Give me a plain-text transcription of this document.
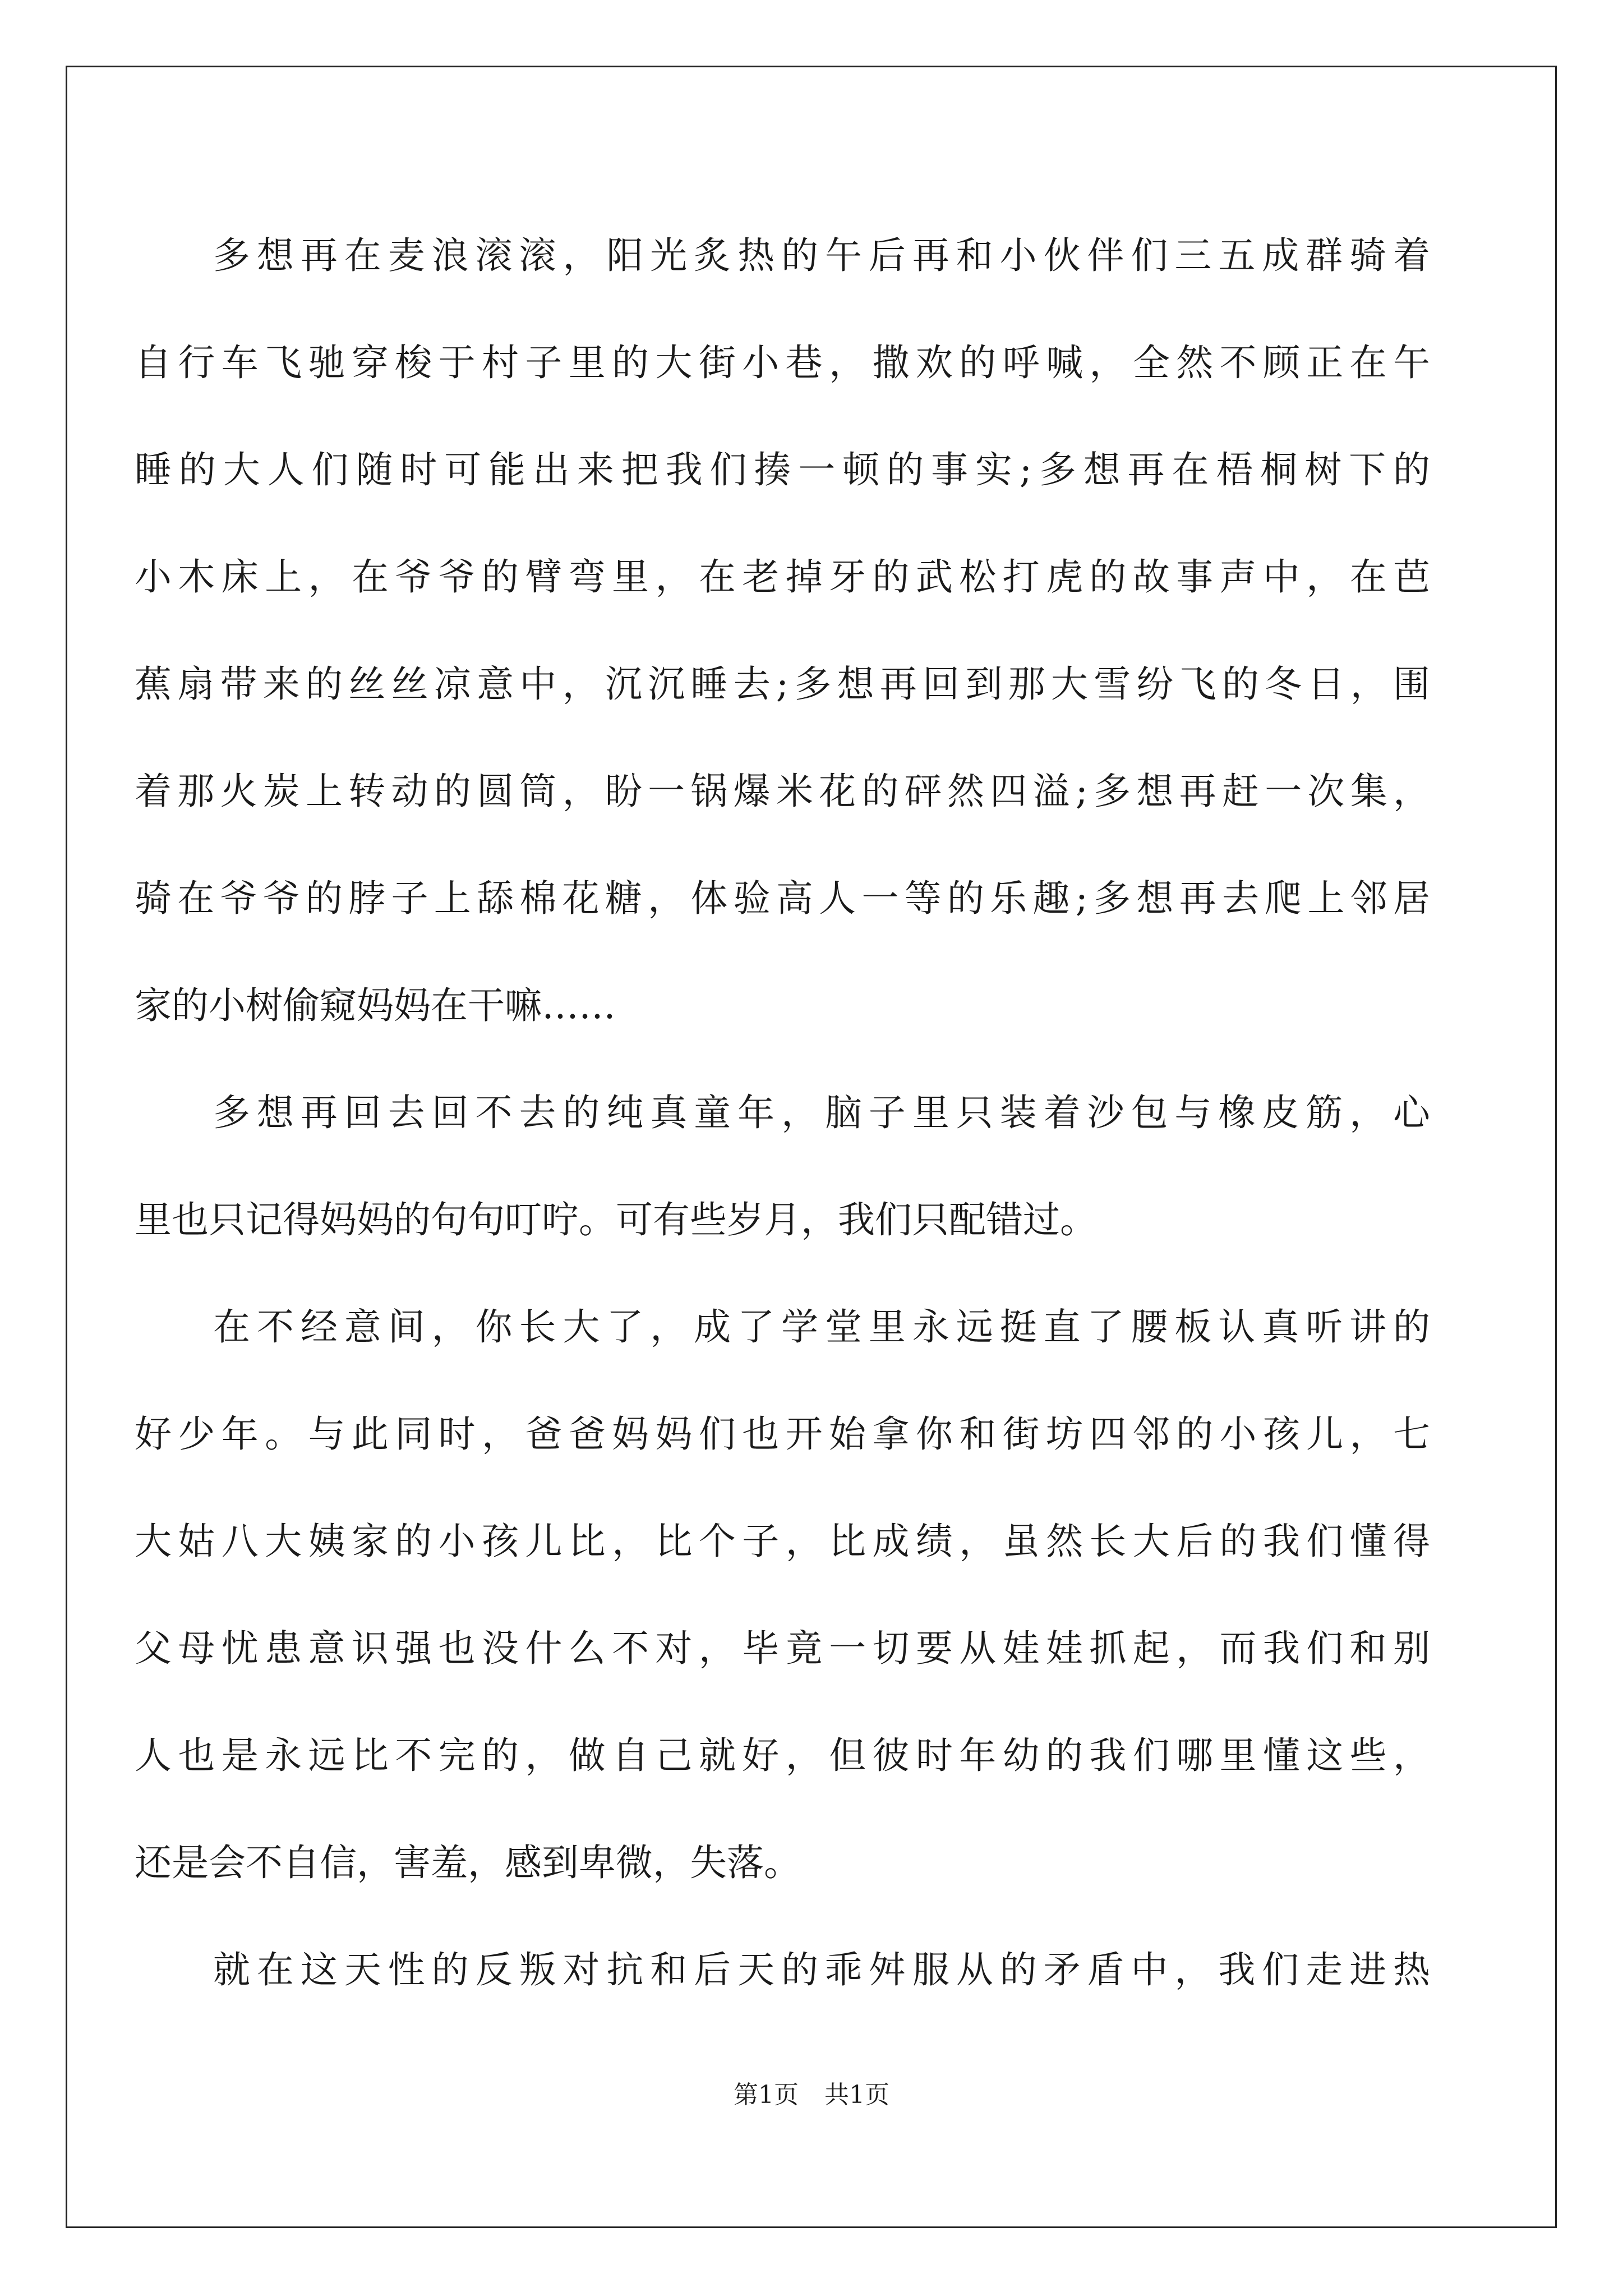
多想再在麦浪滚滚，阳光炙热的午后再和小伙伴们三五成群骑着
自行车飞驰穿梭于村子里的大街小巷，撒欢的呼喊，全然不顾正在午
睡的大人们随时可能出来把我们揍一顿的事实;多想再在梧桐树下的
小木床上，在爷爷的臂弯里，在老掉牙的武松打虎的故事声中，在芭
蕉扇带来的丝丝凉意中，沉沉睡去;多想再回到那大雪纷飞的冬日，围
着那火炭上转动的圆筒，盼一锅爆米花的砰然四溢;多想再赶一次集，
骑在爷爷的脖子上舔棉花糖，体验高人一等的乐趣;多想再去爬上邻居
家的小树偷窥妈妈在干嘛……
多想再回去回不去的纯真童年，脑子里只装着沙包与橡皮筋，心
里也只记得妈妈的句句叮咛。可有些岁月，我们只配错过。
在不经意间，你长大了，成了学堂里永远挺直了腰板认真听讲的
好少年。与此同时，爸爸妈妈们也开始拿你和街坊四邻的小孩儿，七
大姑八大姨家的小孩儿比，比个子，比成绩，虽然长大后的我们懂得
父母忧患意识强也没什么不对，毕竟一切要从娃娃抓起，而我们和别
人也是永远比不完的，做自己就好，但彼时年幼的我们哪里懂这些，
还是会不自信，害羞，感到卑微，失落。
就在这天性的反叛对抗和后天的乖舛服从的矛盾中，我们走进热
第1页 共1页
